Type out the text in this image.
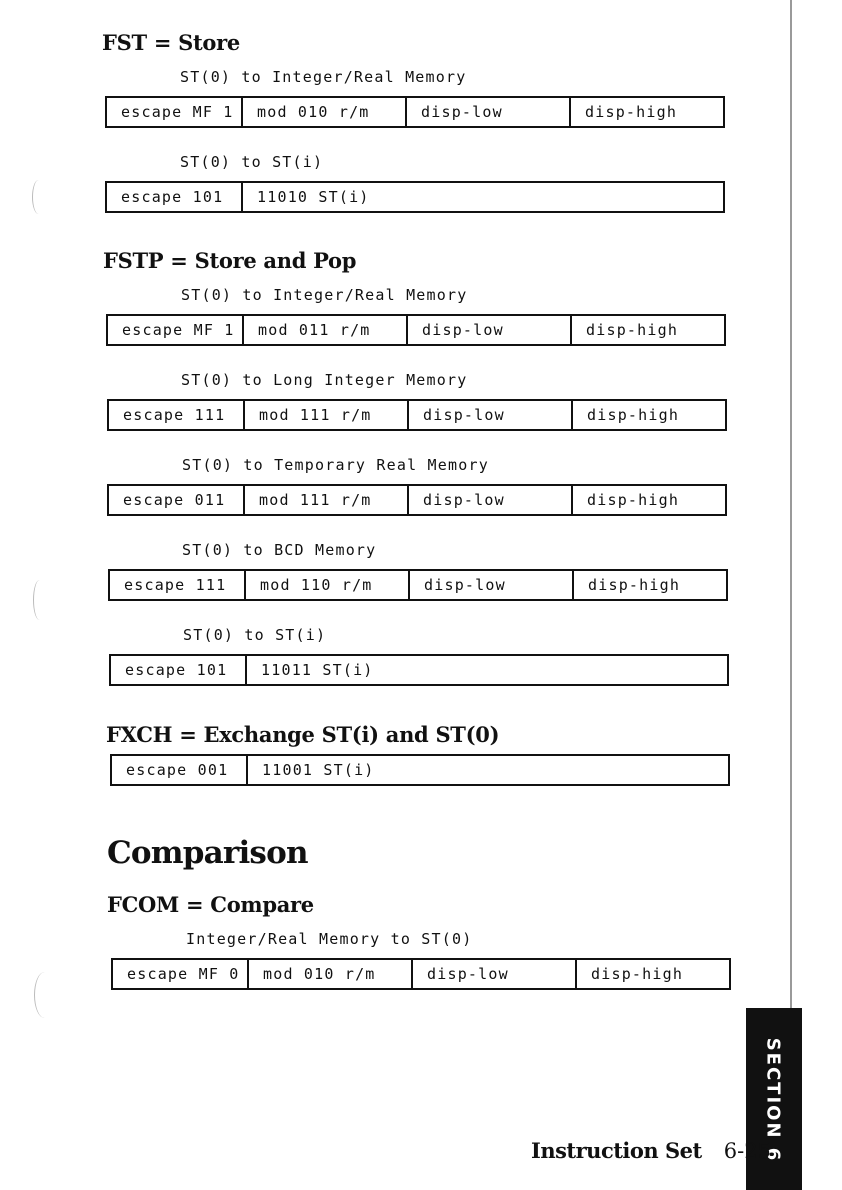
SECTION 6
FST = Store
ST(0) to Integer/Real Memory
escape MF 1	mod 010 r/m	disp-low	disp-high
ST(0) to ST(i)
escape 101	11010 ST(i)
FSTP = Store and Pop
ST(0) to Integer/Real Memory
escape MF 1	mod 011 r/m	disp-low	disp-high
ST(0) to Long Integer Memory
escape 111	mod 111 r/m	disp-low	disp-high
ST(0) to Temporary Real Memory
escape 011	mod 111 r/m	disp-low	disp-high
ST(0) to BCD Memory
escape 111	mod 110 r/m	disp-low	disp-high
ST(0) to ST(i)
escape 101	11011 ST(i)
FXCH = Exchange ST(i) and ST(0)
escape 001	11001 ST(i)
Comparison
FCOM = Compare
Integer/Real Memory to ST(0)
escape MF 0	mod 010 r/m	disp-low	disp-high
Instruction Set 6-25
